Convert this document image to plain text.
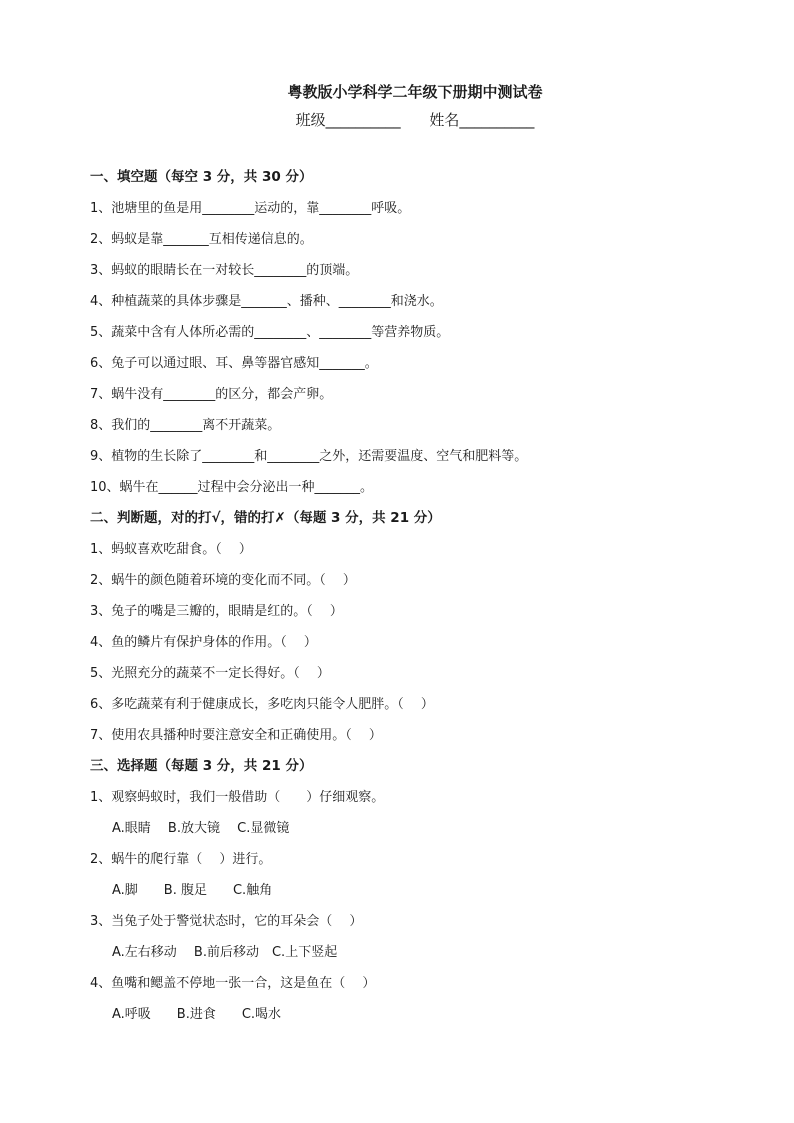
粤教版小学科学二年级下册期中测试卷
班级__________ 姓名__________
一、填空题（每空 3 分，共 30 分）
1、池塘里的鱼是用________运动的，靠________呼吸。
2、蚂蚁是靠_______互相传递信息的。
3、蚂蚁的眼睛长在一对较长________的顶端。
4、种植蔬菜的具体步骤是_______、播种、________和浇水。
5、蔬菜中含有人体所必需的________、________等营养物质。
6、兔子可以通过眼、耳、鼻等器官感知_______。
7、蜗牛没有________的区分，都会产卵。
8、我们的________离不开蔬菜。
9、植物的生长除了________和________之外，还需要温度、空气和肥料等。
10、蜗牛在______过程中会分泌出一种_______。
二、判断题，对的打√，错的打✗（每题 3 分，共 21 分）
1、蚂蚁喜欢吃甜食。（　 ）
2、蜗牛的颜色随着环境的变化而不同。（　 ）
3、兔子的嘴是三瓣的，眼睛是红的。（　 ）
4、鱼的鳞片有保护身体的作用。（　 ）
5、光照充分的蔬菜不一定长得好。（　 ）
6、多吃蔬菜有利于健康成长，多吃肉只能令人肥胖。（　 ）
7、使用农具播种时要注意安全和正确使用。（　 ）
三、选择题（每题 3 分，共 21 分）
1、观察蚂蚁时，我们一般借助（　　）仔细观察。
A.眼睛　 B.放大镜　 C.显微镜
2、蜗牛的爬行靠（　 ）进行。
A.脚　　B. 腹足　　C.触角
3、当兔子处于警觉状态时，它的耳朵会（　 ）
A.左右移动　 B.前后移动　C.上下竖起
4、鱼嘴和鳃盖不停地一张一合，这是鱼在（　 ）
A.呼吸　　B.进食　　C.喝水
